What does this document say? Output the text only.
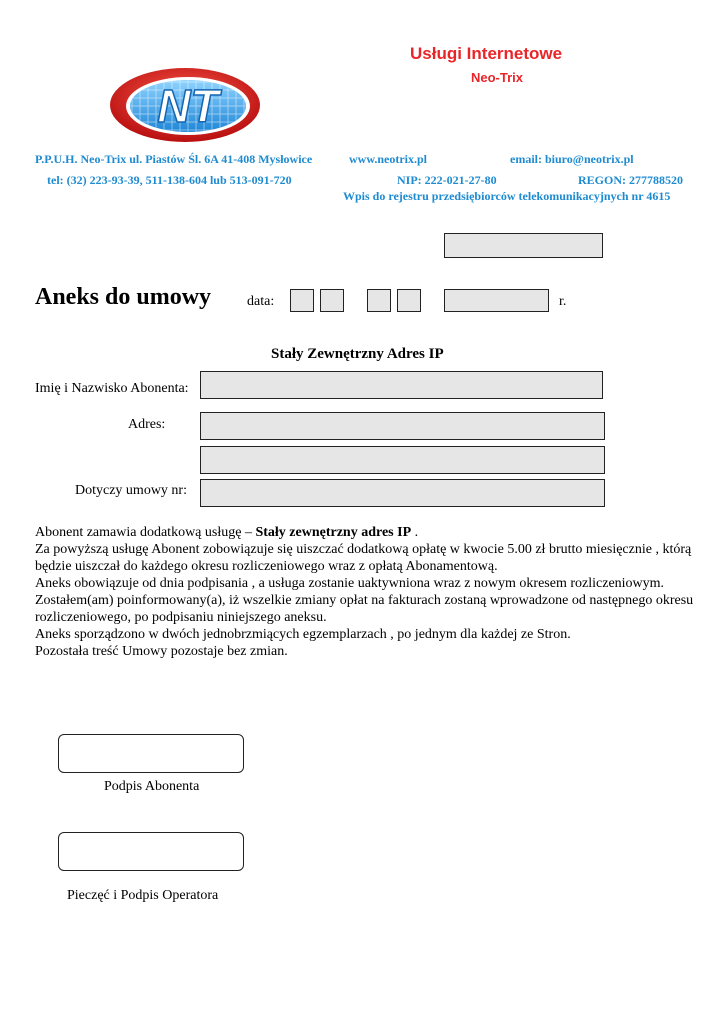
NT
Usługi Internetowe
Neo-Trix
P.P.U.H. Neo-Trix ul. Piastów Śl. 6A 41-408 Mysłowice	www.neotrix.pl	email: biuro@neotrix.pl
tel: (32) 223-93-39, 511-138-604 lub 513-091-720	NIP: 222-021-27-80	REGON: 277788520
Wpis do rejestru przedsiębiorców telekomunikacyjnych nr 4615
Aneks do umowy	data:	r.
Stały Zewnętrzny Adres IP
Imię i Nazwisko Abonenta:
Adres:
Dotyczy umowy nr:

Abonent zamawia dodatkową usługę – Stały zewnętrzny adres IP .

Za powyższą usługę Abonent zobowiązuje się uiszczać dodatkową opłatę w kwocie 5.00 zł brutto miesięcznie , którą będzie uiszczał do każdego okresu rozliczeniowego wraz z opłatą Abonamentową.

Aneks obowiązuje od dnia podpisania , a usługa zostanie uaktywniona wraz z nowym okresem rozliczeniowym.

Zostałem(am) poinformowany(a), iż wszelkie zmiany opłat na fakturach zostaną wprowadzone od następnego okresu rozliczeniowego, po podpisaniu niniejszego aneksu.

Aneks sporządzono w dwóch jednobrzmiących egzemplarzach , po jednym dla każdej ze Stron.

Pozostała treść Umowy pozostaje bez zmian.

Podpis Abonenta
Pieczęć i Podpis Operatora
